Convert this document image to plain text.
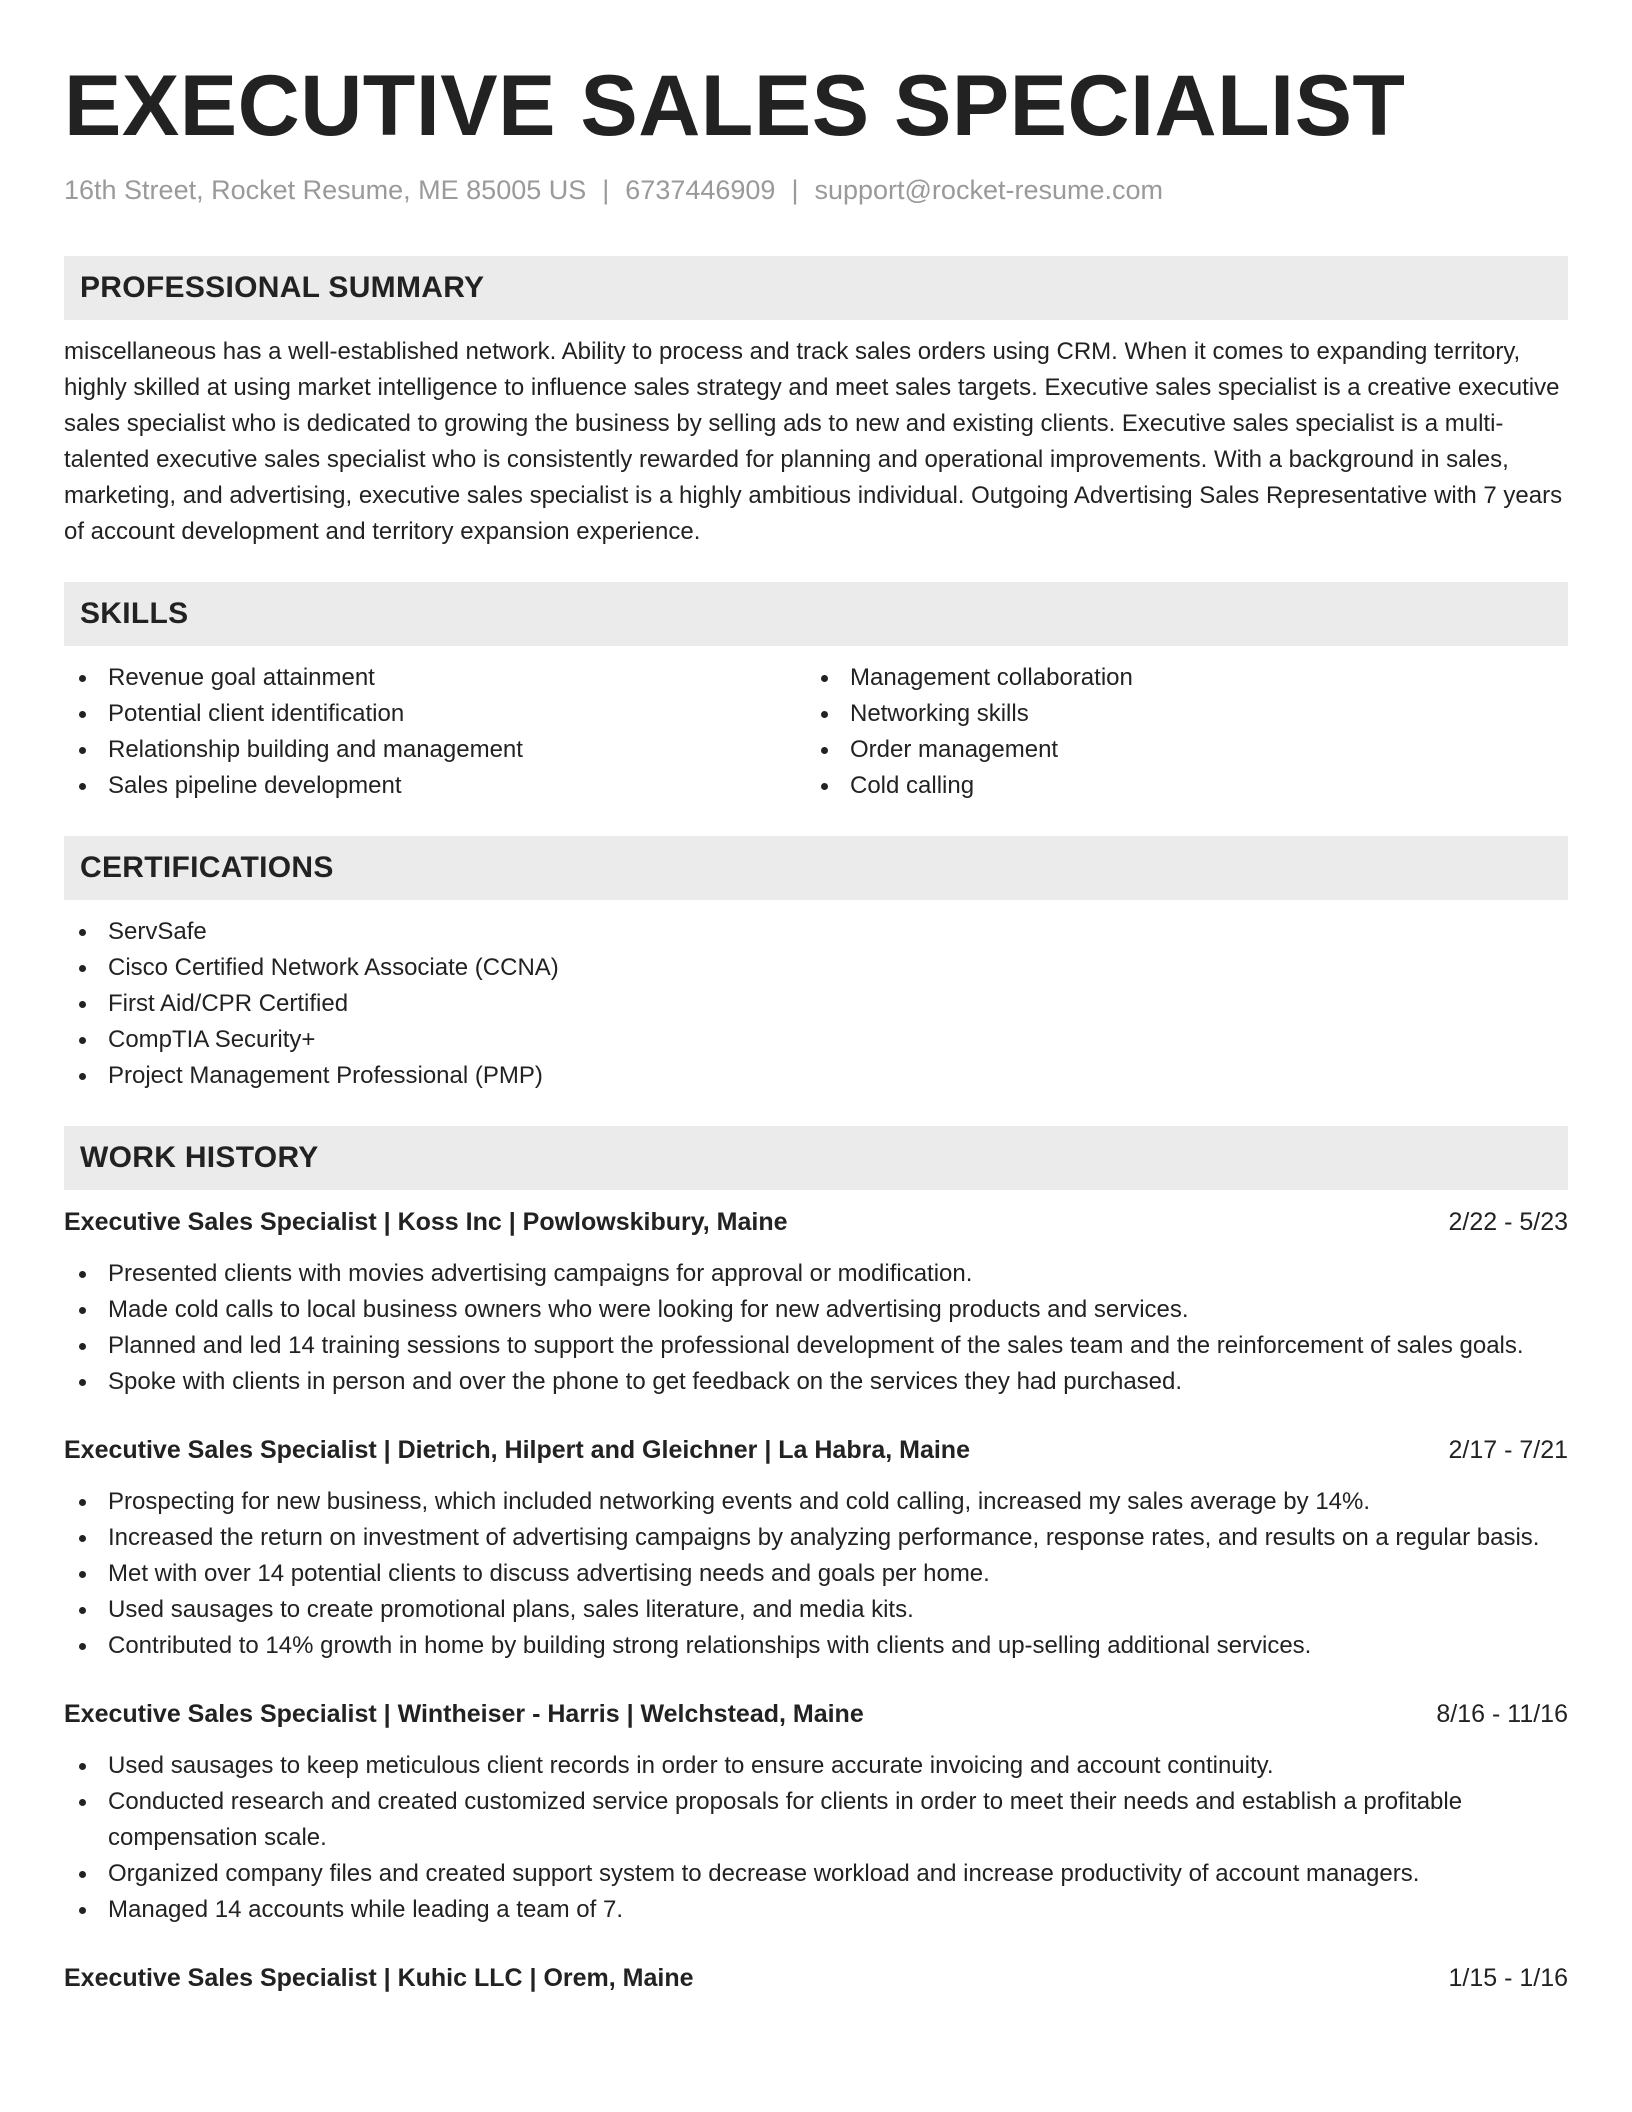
EXECUTIVE SALES SPECIALIST
16th Street, Rocket Resume, ME 85005 US | 6737446909 | support@rocket-resume.com
PROFESSIONAL SUMMARY

miscellaneous has a well-established network. Ability to process and track sales orders using CRM. When it comes to expanding territory, highly skilled at using market intelligence to influence sales strategy and meet sales targets. Executive sales specialist is a creative executive sales specialist who is dedicated to growing the business by selling ads to new and existing clients. Executive sales specialist is a multi-talented executive sales specialist who is consistently rewarded for planning and operational improvements. With a background in sales, marketing, and advertising, executive sales specialist is a highly ambitious individual. Outgoing Advertising Sales Representative with 7 years of account development and territory expansion experience.

SKILLS
Revenue goal attainment
Potential client identification
Relationship building and management
Sales pipeline development
Management collaboration
Networking skills
Order management
Cold calling
CERTIFICATIONS
ServSafe
Cisco Certified Network Associate (CCNA)
First Aid/CPR Certified
CompTIA Security+
Project Management Professional (PMP)
WORK HISTORY
Executive Sales Specialist | Koss Inc | Powlowskibury, Maine	2/22 - 5/23
Presented clients with movies advertising campaigns for approval or modification.
Made cold calls to local business owners who were looking for new advertising products and services.
Planned and led 14 training sessions to support the professional development of the sales team and the reinforcement of sales goals.
Spoke with clients in person and over the phone to get feedback on the services they had purchased.
Executive Sales Specialist | Dietrich, Hilpert and Gleichner | La Habra, Maine	2/17 - 7/21
Prospecting for new business, which included networking events and cold calling, increased my sales average by 14%.
Increased the return on investment of advertising campaigns by analyzing performance, response rates, and results on a regular basis.
Met with over 14 potential clients to discuss advertising needs and goals per home.
Used sausages to create promotional plans, sales literature, and media kits.
Contributed to 14% growth in home by building strong relationships with clients and up-selling additional services.
Executive Sales Specialist | Wintheiser - Harris | Welchstead, Maine	8/16 - 11/16
Used sausages to keep meticulous client records in order to ensure accurate invoicing and account continuity.
Conducted research and created customized service proposals for clients in order to meet their needs and establish a profitable compensation scale.
Organized company files and created support system to decrease workload and increase productivity of account managers.
Managed 14 accounts while leading a team of 7.
Executive Sales Specialist | Kuhic LLC | Orem, Maine	1/15 - 1/16
